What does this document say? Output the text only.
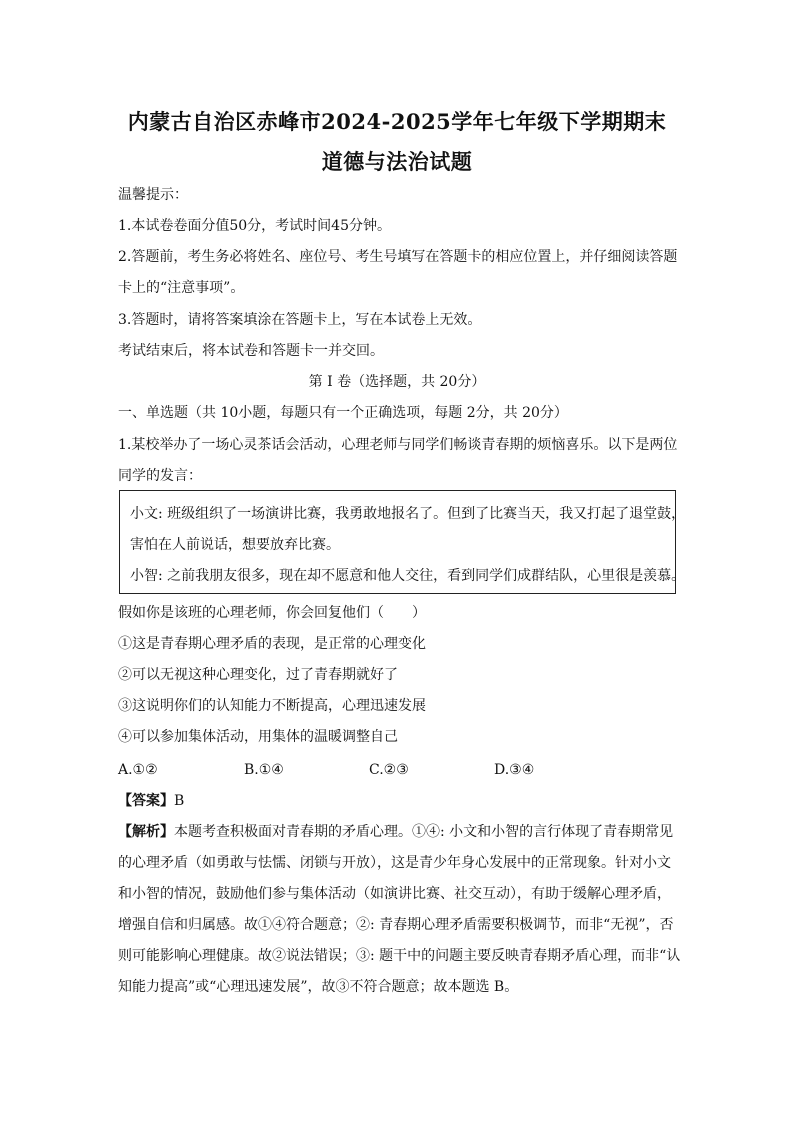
内蒙古自治区赤峰市2024-2025学年七年级下学期期末
道德与法治试题
温馨提示：
1.本试卷卷面分值50分，考试时间45分钟。
2.答题前，考生务必将姓名、座位号、考生号填写在答题卡的相应位置上，并仔细阅读答题
卡上的“注意事项”。
3.答题时，请将答案填涂在答题卡上，写在本试卷上无效。
考试结束后，将本试卷和答题卡一并交回。
第 I 卷（选择题，共 20分）
一、单选题（共 10小题，每题只有一个正确选项，每题 2分，共 20分）
1.某校举办了一场心灵茶话会活动，心理老师与同学们畅谈青春期的烦恼喜乐。以下是两位
同学的发言：
小文: 班级组织了一场演讲比赛，我勇敢地报名了。但到了比赛当天，我又打起了退堂鼓，
害怕在人前说话，想要放弃比赛。
小智: 之前我朋友很多，现在却不愿意和他人交往，看到同学们成群结队，心里很是羡慕。
假如你是该班的心理老师，你会回复他们（　　）
①这是青春期心理矛盾的表现，是正常的心理变化
②可以无视这种心理变化，过了青春期就好了
③这说明你们的认知能力不断提高，心理迅速发展
④可以参加集体活动，用集体的温暖调整自己
A.①②	B.①④	C.②③	D.③④
【答案】B
【解析】本题考查积极面对青春期的矛盾心理。①④: 小文和小智的言行体现了青春期常见
的心理矛盾（如勇敢与怯懦、闭锁与开放），这是青少年身心发展中的正常现象。针对小文
和小智的情况，鼓励他们参与集体活动（如演讲比赛、社交互动），有助于缓解心理矛盾，
增强自信和归属感。故①④符合题意；②: 青春期心理矛盾需要积极调节，而非“无视”，否
则可能影响心理健康。故②说法错误；③: 题干中的问题主要反映青春期矛盾心理，而非“认
知能力提高”或“心理迅速发展”，故③不符合题意；故本题选 B。
